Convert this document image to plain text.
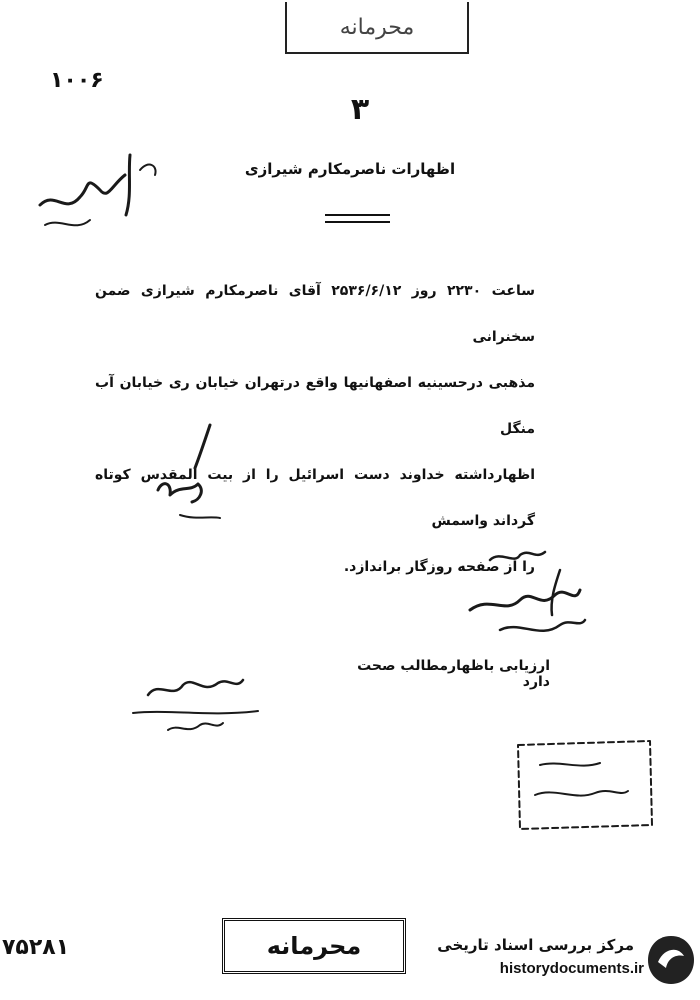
محرمانه
۱۰۰۶
۳
اظهارات ناصرمکارم شیرازی

ساعت ۲۲۳۰ روز ۲۵۳۶/۶/۱۲ آقای ناصرمکارم شیرازی ضمن سخنرانی

مذهبی درحسینیه اصفهانیها واقع درتهران خیابان ری خیابان آب منگل

اظهارداشته خداوند دست اسرائیل را از بیت المقدس کوتاه گرداند واسمش

را از صفحه روزگار براندازد.

ارزیابی باظهارمطالب صحت دارد
محرمانه
۷۵۲۸۱	مرکز بررسی اسناد تاریخی
historydocuments.ir
